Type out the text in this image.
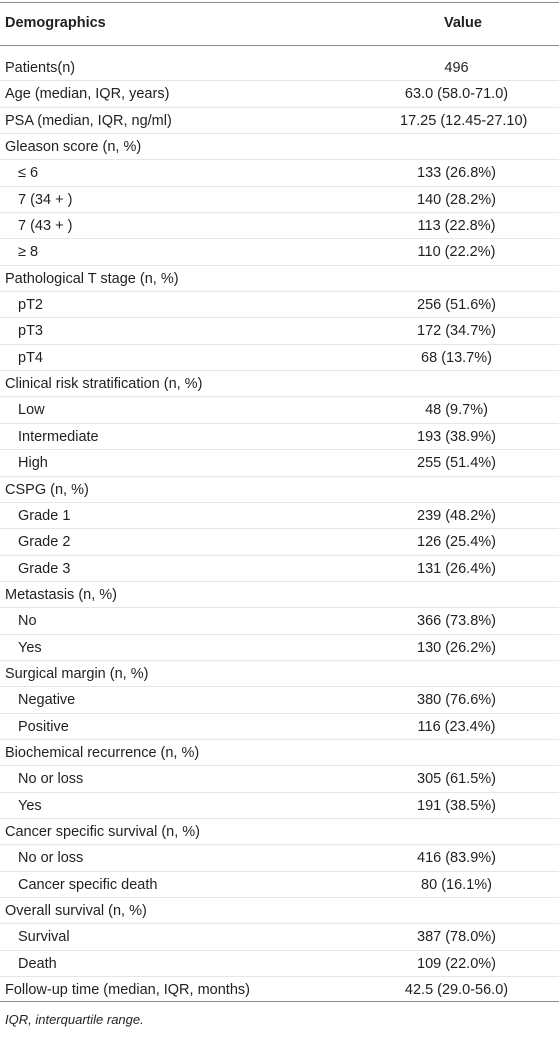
Demographics	Value
Patients(n)	496
Age (median, IQR, years)	63.0 (58.0-71.0)
PSA (median, IQR, ng/ml)	17.25 (12.45-27.10)
Gleason score (n, %)
≤ 6	133 (26.8%)
7 (34 + )	140 (28.2%)
7 (43 + )	113 (22.8%)
≥ 8	110 (22.2%)
Pathological T stage (n, %)
pT2	256 (51.6%)
pT3	172 (34.7%)
pT4	68 (13.7%)
Clinical risk stratification (n, %)
Low	48 (9.7%)
Intermediate	193 (38.9%)
High	255 (51.4%)
CSPG (n, %)
Grade 1	239 (48.2%)
Grade 2	126 (25.4%)
Grade 3	131 (26.4%)
Metastasis (n, %)
No	366 (73.8%)
Yes	130 (26.2%)
Surgical margin (n, %)
Negative	380 (76.6%)
Positive	116 (23.4%)
Biochemical recurrence (n, %)
No or loss	305 (61.5%)
Yes	191 (38.5%)
Cancer specific survival (n, %)
No or loss	416 (83.9%)
Cancer specific death	80 (16.1%)
Overall survival (n, %)
Survival	387 (78.0%)
Death	109 (22.0%)
Follow-up time (median, IQR, months)	42.5 (29.0-56.0)
IQR, interquartile range.
